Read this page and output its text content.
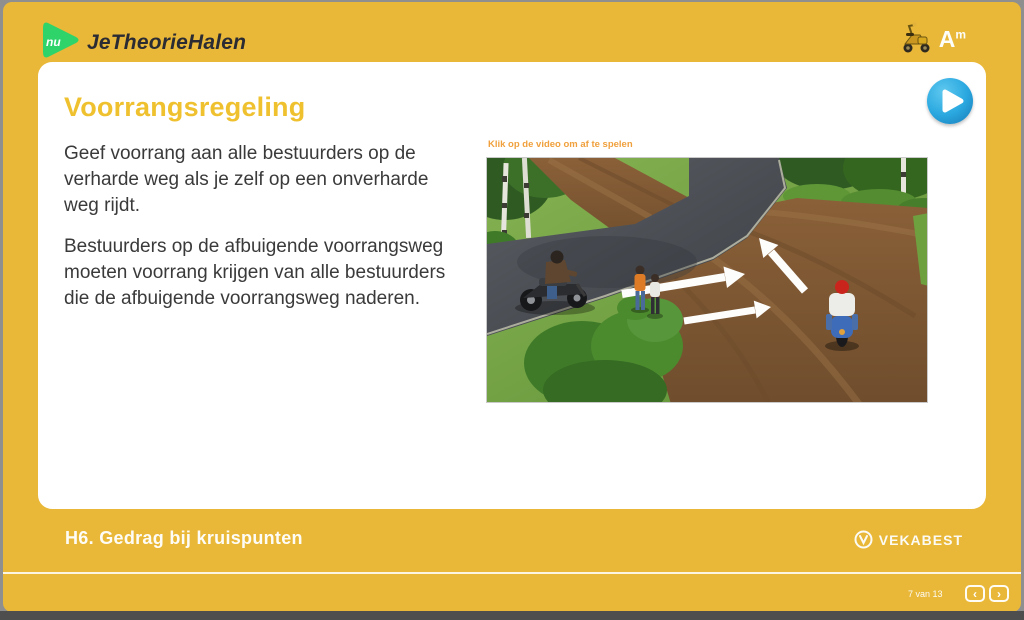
nu JeTheorieHalen	$A^m$
Voorrangsregeling
Geef voorrang aan alle bestuurders op de verharde weg als je zelf op een onverharde weg rijdt.
Bestuurders op de afbuigende voorrangsweg moeten voorrang krijgen van alle bestuurders die de afbuigende voorrangsweg naderen.
Klik op de video om af te spelen
H6. Gedrag bij kruispunten	VEKABEST
7 van 13	‹ ›
